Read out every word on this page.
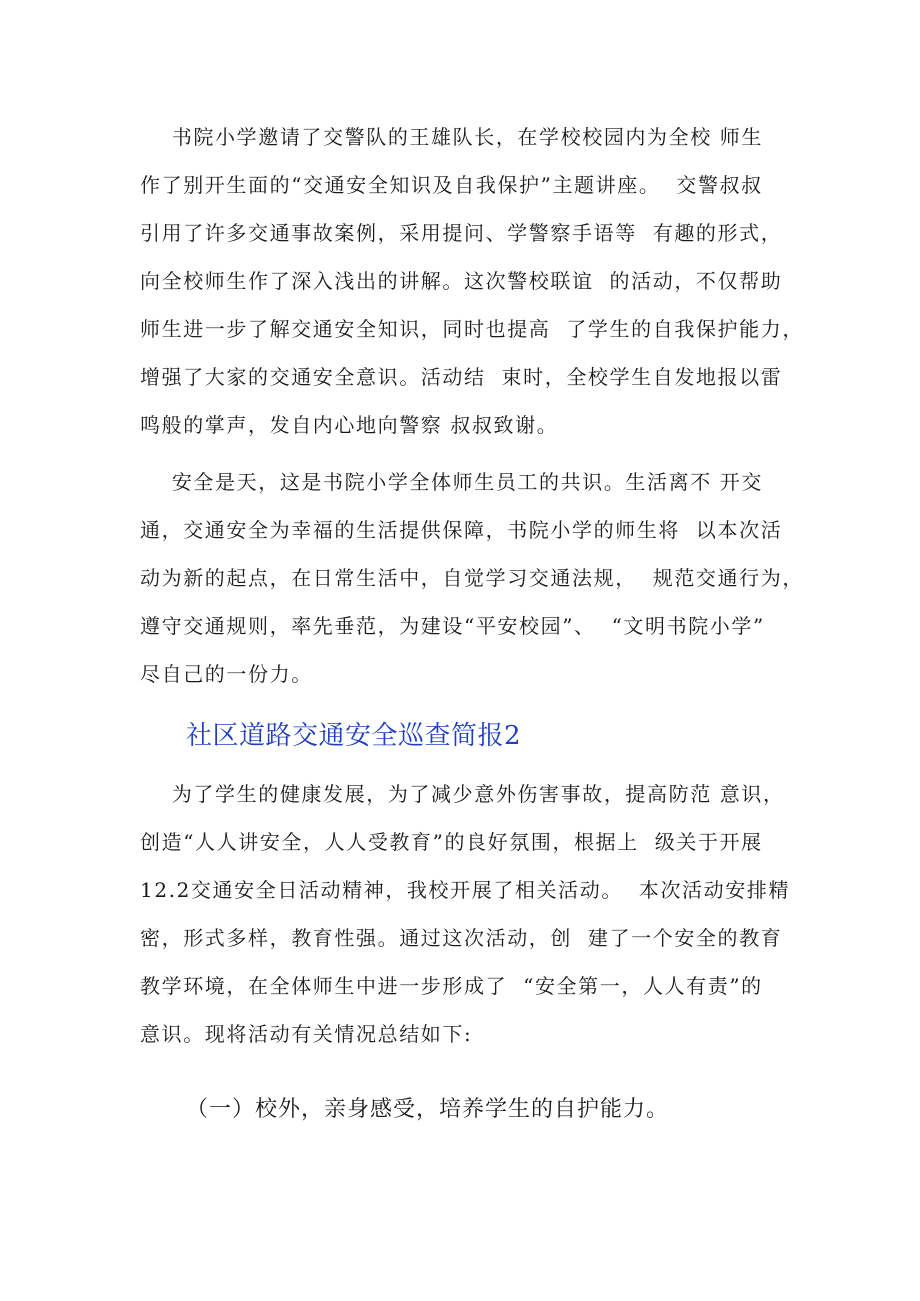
书院小学邀请了交警队的王雄队长，在学校校园内为全校 师生
作了别开生面的“交通安全知识及自我保护”主题讲座。  交警叔叔
引用了许多交通事故案例，采用提问、学警察手语等  有趣的形式，
向全校师生作了深入浅出的讲解。这次警校联谊  的活动，不仅帮助
师生进一步了解交通安全知识，同时也提高  了学生的自我保护能力，
增强了大家的交通安全意识。活动结  束时，全校学生自发地报以雷
鸣般的掌声，发自内心地向警察 叔叔致谢。
安全是天，这是书院小学全体师生员工的共识。生活离不 开交
通，交通安全为幸福的生活提供保障，书院小学的师生将  以本次活
动为新的起点，在日常生活中，自觉学习交通法规，  规范交通行为，
遵守交通规则，率先垂范，为建设“平安校园”、  “文明书院小学”
尽自己的一份力。
社区道路交通安全巡查简报2
为了学生的健康发展，为了减少意外伤害事故，提高防范 意识，
创造“人人讲安全，人人受教育”的良好氛围，根据上  级关于开展
12.2交通安全日活动精神，我校开展了相关活动。  本次活动安排精
密，形式多样，教育性强。通过这次活动，创  建了一个安全的教育
教学环境，在全体师生中进一步形成了  “安全第一，人人有责”的
意识。现将活动有关情况总结如下:
（一）校外，亲身感受，培养学生的自护能力。
